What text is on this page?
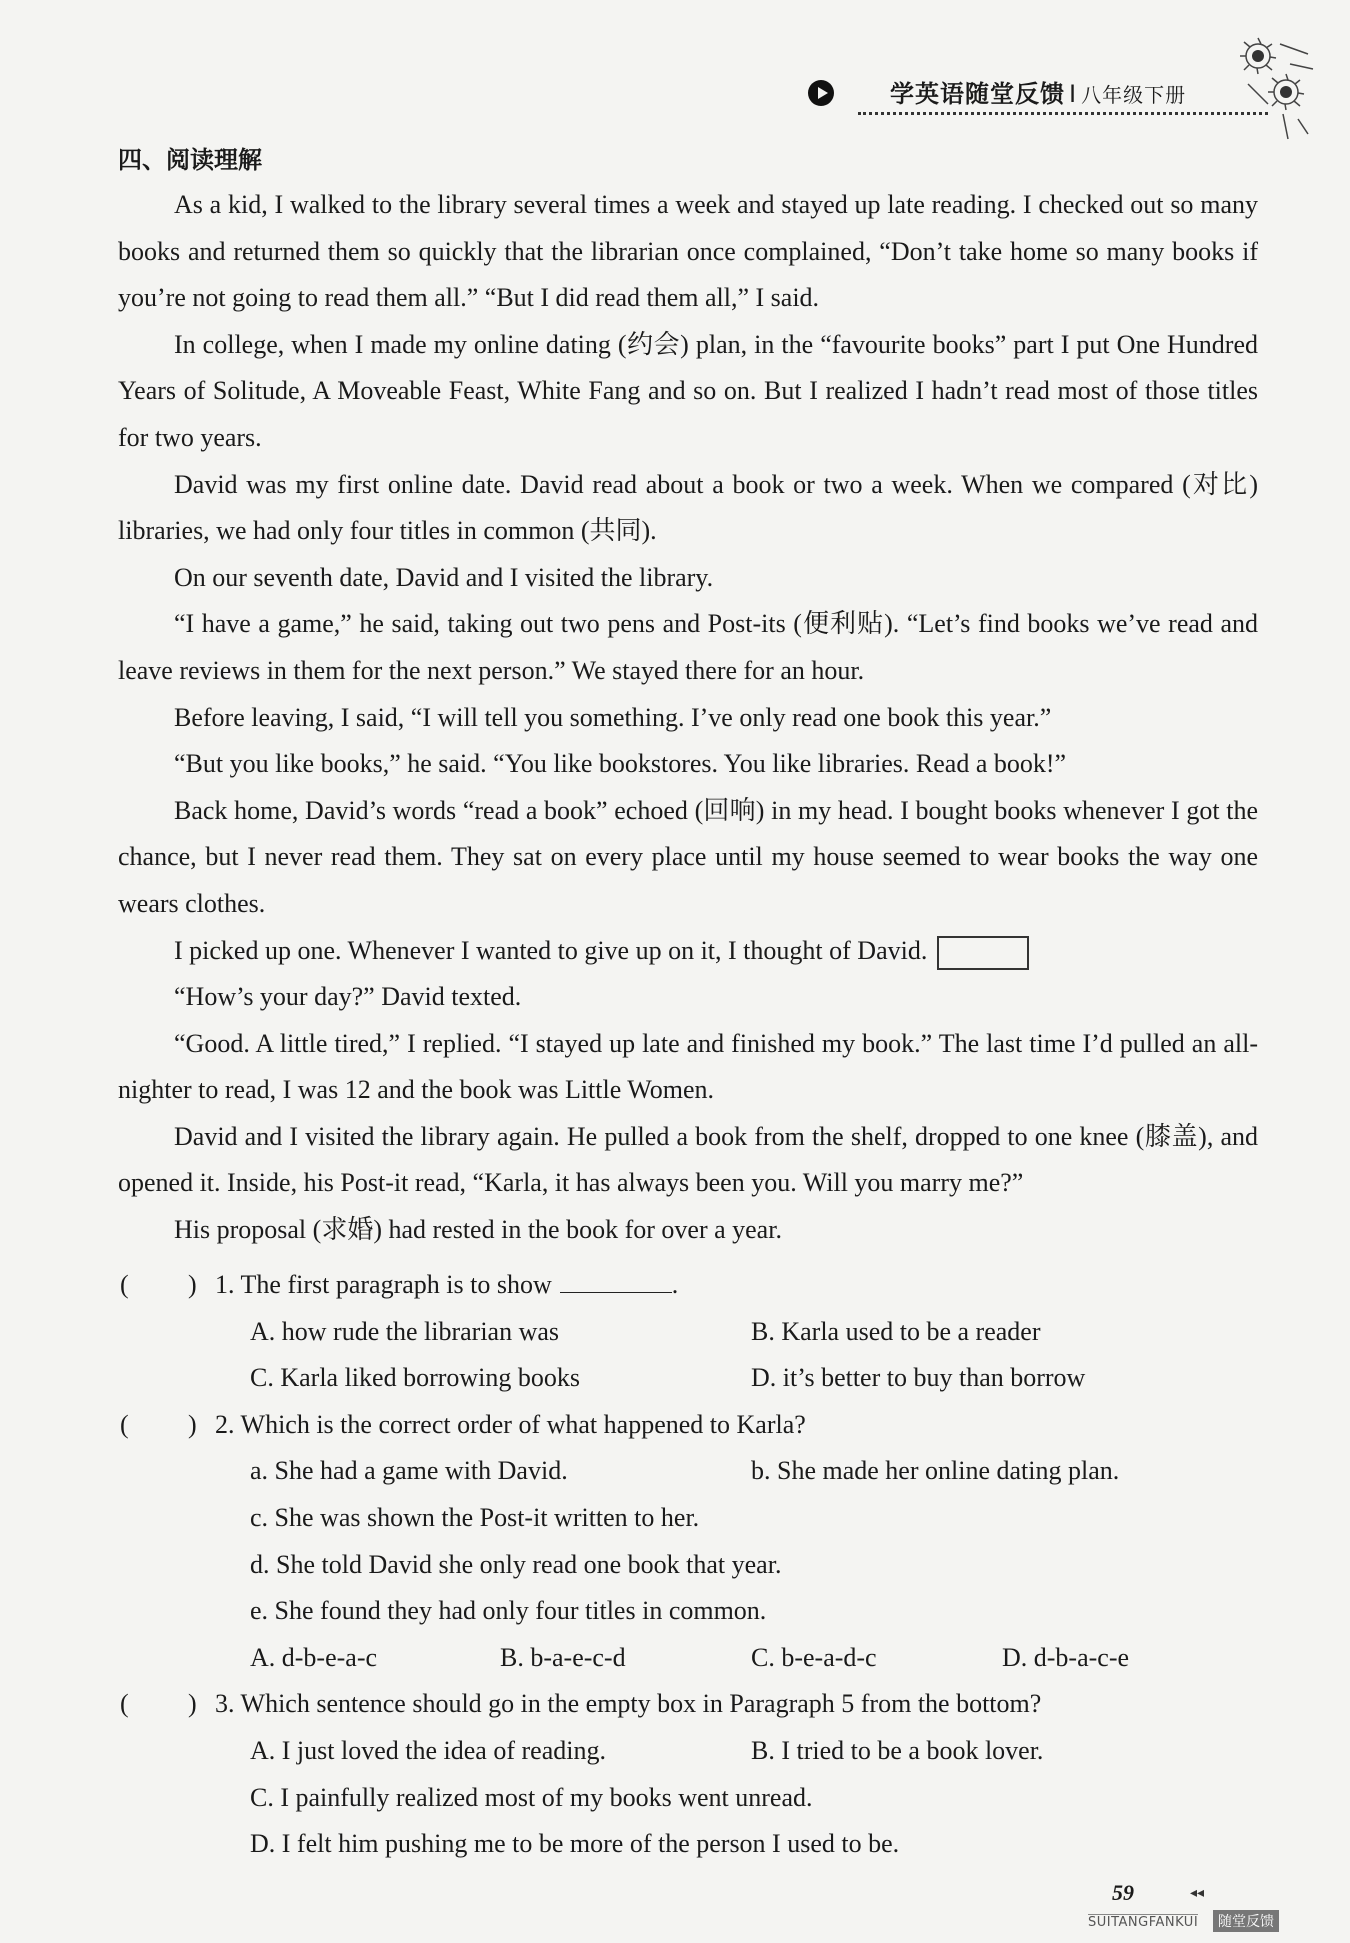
学英语随堂反馈 I 八年级下册
四、阅读理解

As a kid, I walked to the library several times a week and stayed up late reading. I checked out so many books and returned them so quickly that the librarian once complained, “Don’t take home so many books if you’re not going to read them all.” “But I did read them all,” I said.

In college, when I made my online dating (约会) plan, in the “favourite books” part I put One Hundred Years of Solitude, A Moveable Feast, White Fang and so on. But I realized I hadn’t read most of those titles for two years.

David was my first online date. David read about a book or two a week. When we compared (对比) libraries, we had only four titles in common (共同).

On our seventh date, David and I visited the library.

“I have a game,” he said, taking out two pens and Post-its (便利贴). “Let’s find books we’ve read and leave reviews in them for the next person.” We stayed there for an hour.

Before leaving, I said, “I will tell you something. I’ve only read one book this year.”

“But you like books,” he said. “You like bookstores. You like libraries. Read a book!”

Back home, David’s words “read a book” echoed (回响) in my head. I bought books whenever I got the chance, but I never read them. They sat on every place until my house seemed to wear books the way one wears clothes.

I picked up one. Whenever I wanted to give up on it, I thought of David.

“How’s your day?” David texted.

“Good. A little tired,” I replied. “I stayed up late and finished my book.” The last time I’d pulled an all-nighter to read, I was 12 and the book was Little Women.

David and I visited the library again. He pulled a book from the shelf, dropped to one knee (膝盖), and opened it. Inside, his Post-it read, “Karla, it has always been you. Will you marry me?”

His proposal (求婚) had rested in the book for over a year.

( ) 1. The first paragraph is to show	.
A. how rude the librarian was	B. Karla used to be a reader
C. Karla liked borrowing books	D. it’s better to buy than borrow
( ) 2. Which is the correct order of what happened to Karla?
a. She had a game with David.	b. She made her online dating plan.
c. She was shown the Post-it written to her.
d. She told David she only read one book that year.
e. She found they had only four titles in common.
A. d-b-e-a-c	B. b-a-e-c-d	C. b-e-a-d-c	D. d-b-a-c-e
( ) 3. Which sentence should go in the empty box in Paragraph 5 from the bottom?
A. I just loved the idea of reading.	B. I tried to be a book lover.
C. I painfully realized most of my books went unread.
D. I felt him pushing me to be more of the person I used to be.
59	◂◂
SUITANGFANKUI	随堂反馈
